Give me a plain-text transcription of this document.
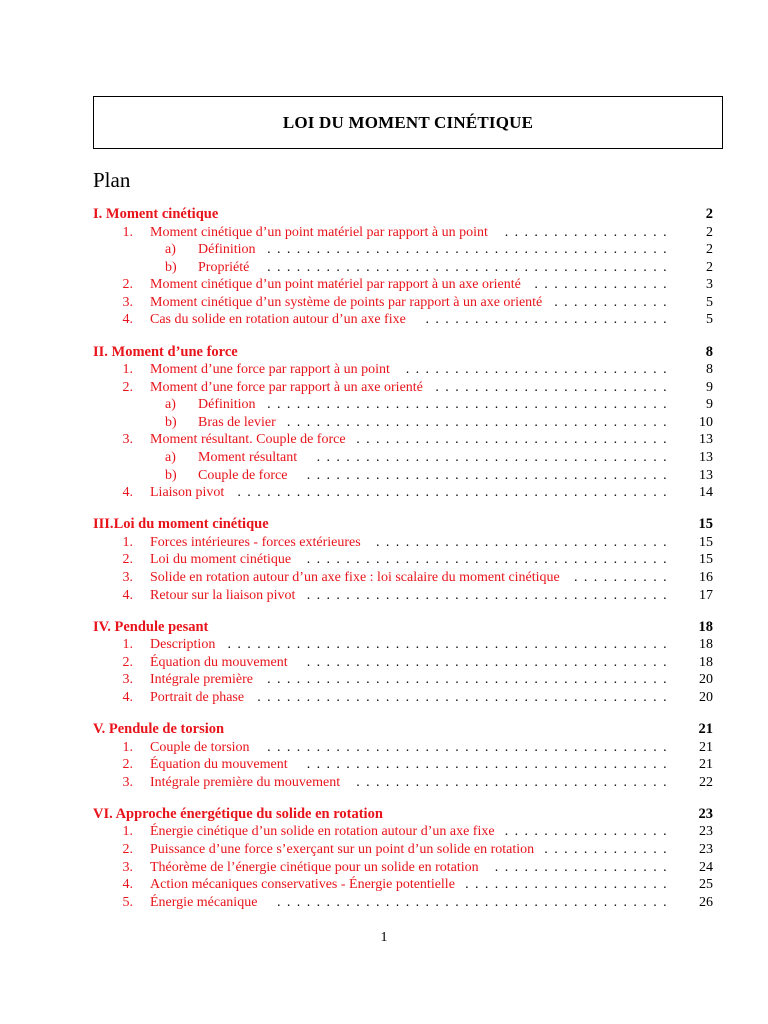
LOI DU MOMENT CINÉTIQUE
Plan
I. Moment cinétique	2
1. Moment cinétique d’un point matériel par rapport à un point	.................	2
a) Définition .........................................	2
b) Propriété	.........................................	2
2. Moment cinétique d’un point matériel par rapport à un axe orienté ..............	3
3. Moment cinétique d’un système de points par rapport à un axe orienté ............	5
4. Cas du solide en rotation autour d’un axe fixe	.........................	5
II. Moment d’une force	8
1. Moment d’une force par rapport à un point	...........................	8
2. Moment d’une force par rapport à un axe orienté ........................	9
a) Définition .........................................	9
b) Bras de levier .......................................	10
3. Moment résultant. Couple de force ................................	13
a) Moment résultant	....................................	13
b) Couple de force	.....................................	13
4. Liaison pivot ............................................	14
III.Loi du moment cinétique	15
1. Forces intérieures - forces extérieures	..............................	15
2. Loi du moment cinétique	.....................................	15
3. Solide en rotation autour d’un axe fixe : loi scalaire du moment cinétique	..........	16
4. Retour sur la liaison pivot .....................................	17
IV. Pendule pesant	18
1. Description .............................................	18
2. Équation du mouvement	.....................................	18
3. Intégrale première .........................................	20
4. Portrait de phase ..........................................	20
V. Pendule de torsion	21
1. Couple de torsion	.........................................	21
2. Équation du mouvement	.....................................	21
3. Intégrale première du mouvement	................................	22
VI. Approche énergétique du solide en rotation	23
1. Énergie cinétique d’un solide en rotation autour d’un axe fixe .................	23
2. Puissance d’une force s’exerçant sur un point d’un solide en rotation .............	23
3. Théorème de l’énergie cinétique pour un solide en rotation	..................	24
4. Action mécaniques conservatives - Énergie potentielle .....................	25
5. Énergie mécanique	........................................	26
1
